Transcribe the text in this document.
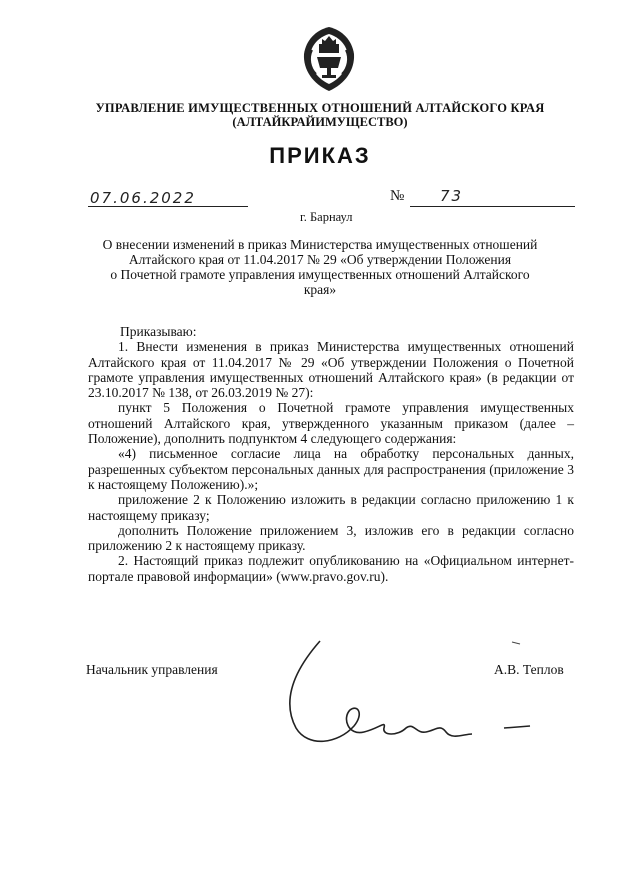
УПРАВЛЕНИЕ ИМУЩЕСТВЕННЫХ ОТНОШЕНИЙ АЛТАЙСКОГО КРАЯ
(АЛТАЙКРАЙИМУЩЕСТВО)
ПРИКАЗ
07.06.2022	№ 73
г. Барнаул
О внесении изменений в приказ Министерства имущественных отношений
Алтайского края от 11.04.2017 № 29 «Об утверждении Положения
о Почетной грамоте управления имущественных отношений Алтайского
края»

Приказываю:

1. Внести изменения в приказ Министерства имущественных отношений Алтайского края от 11.04.2017 № 29 «Об утверждении Положения о Почетной грамоте управления имущественных отношений Алтайского края» (в редакции от 23.10.2017 № 138, от 26.03.2019 № 27):

пункт 5 Положения о Почетной грамоте управления имущественных отношений Алтайского края, утвержденного указанным приказом (далее – Положение), дополнить подпунктом 4 следующего содержания:

«4) письменное согласие лица на обработку персональных данных, разрешенных субъектом персональных данных для распространения (приложение 3 к настоящему Положению).»;

приложение 2 к Положению изложить в редакции согласно приложению 1 к настоящему приказу;

дополнить Положение приложением 3, изложив его в редакции согласно приложению 2 к настоящему приказу.

2. Настоящий приказ подлежит опубликованию на «Официальном интернет-портале правовой информации» (www.pravo.gov.ru).

Начальник управления	А.В. Теплов
